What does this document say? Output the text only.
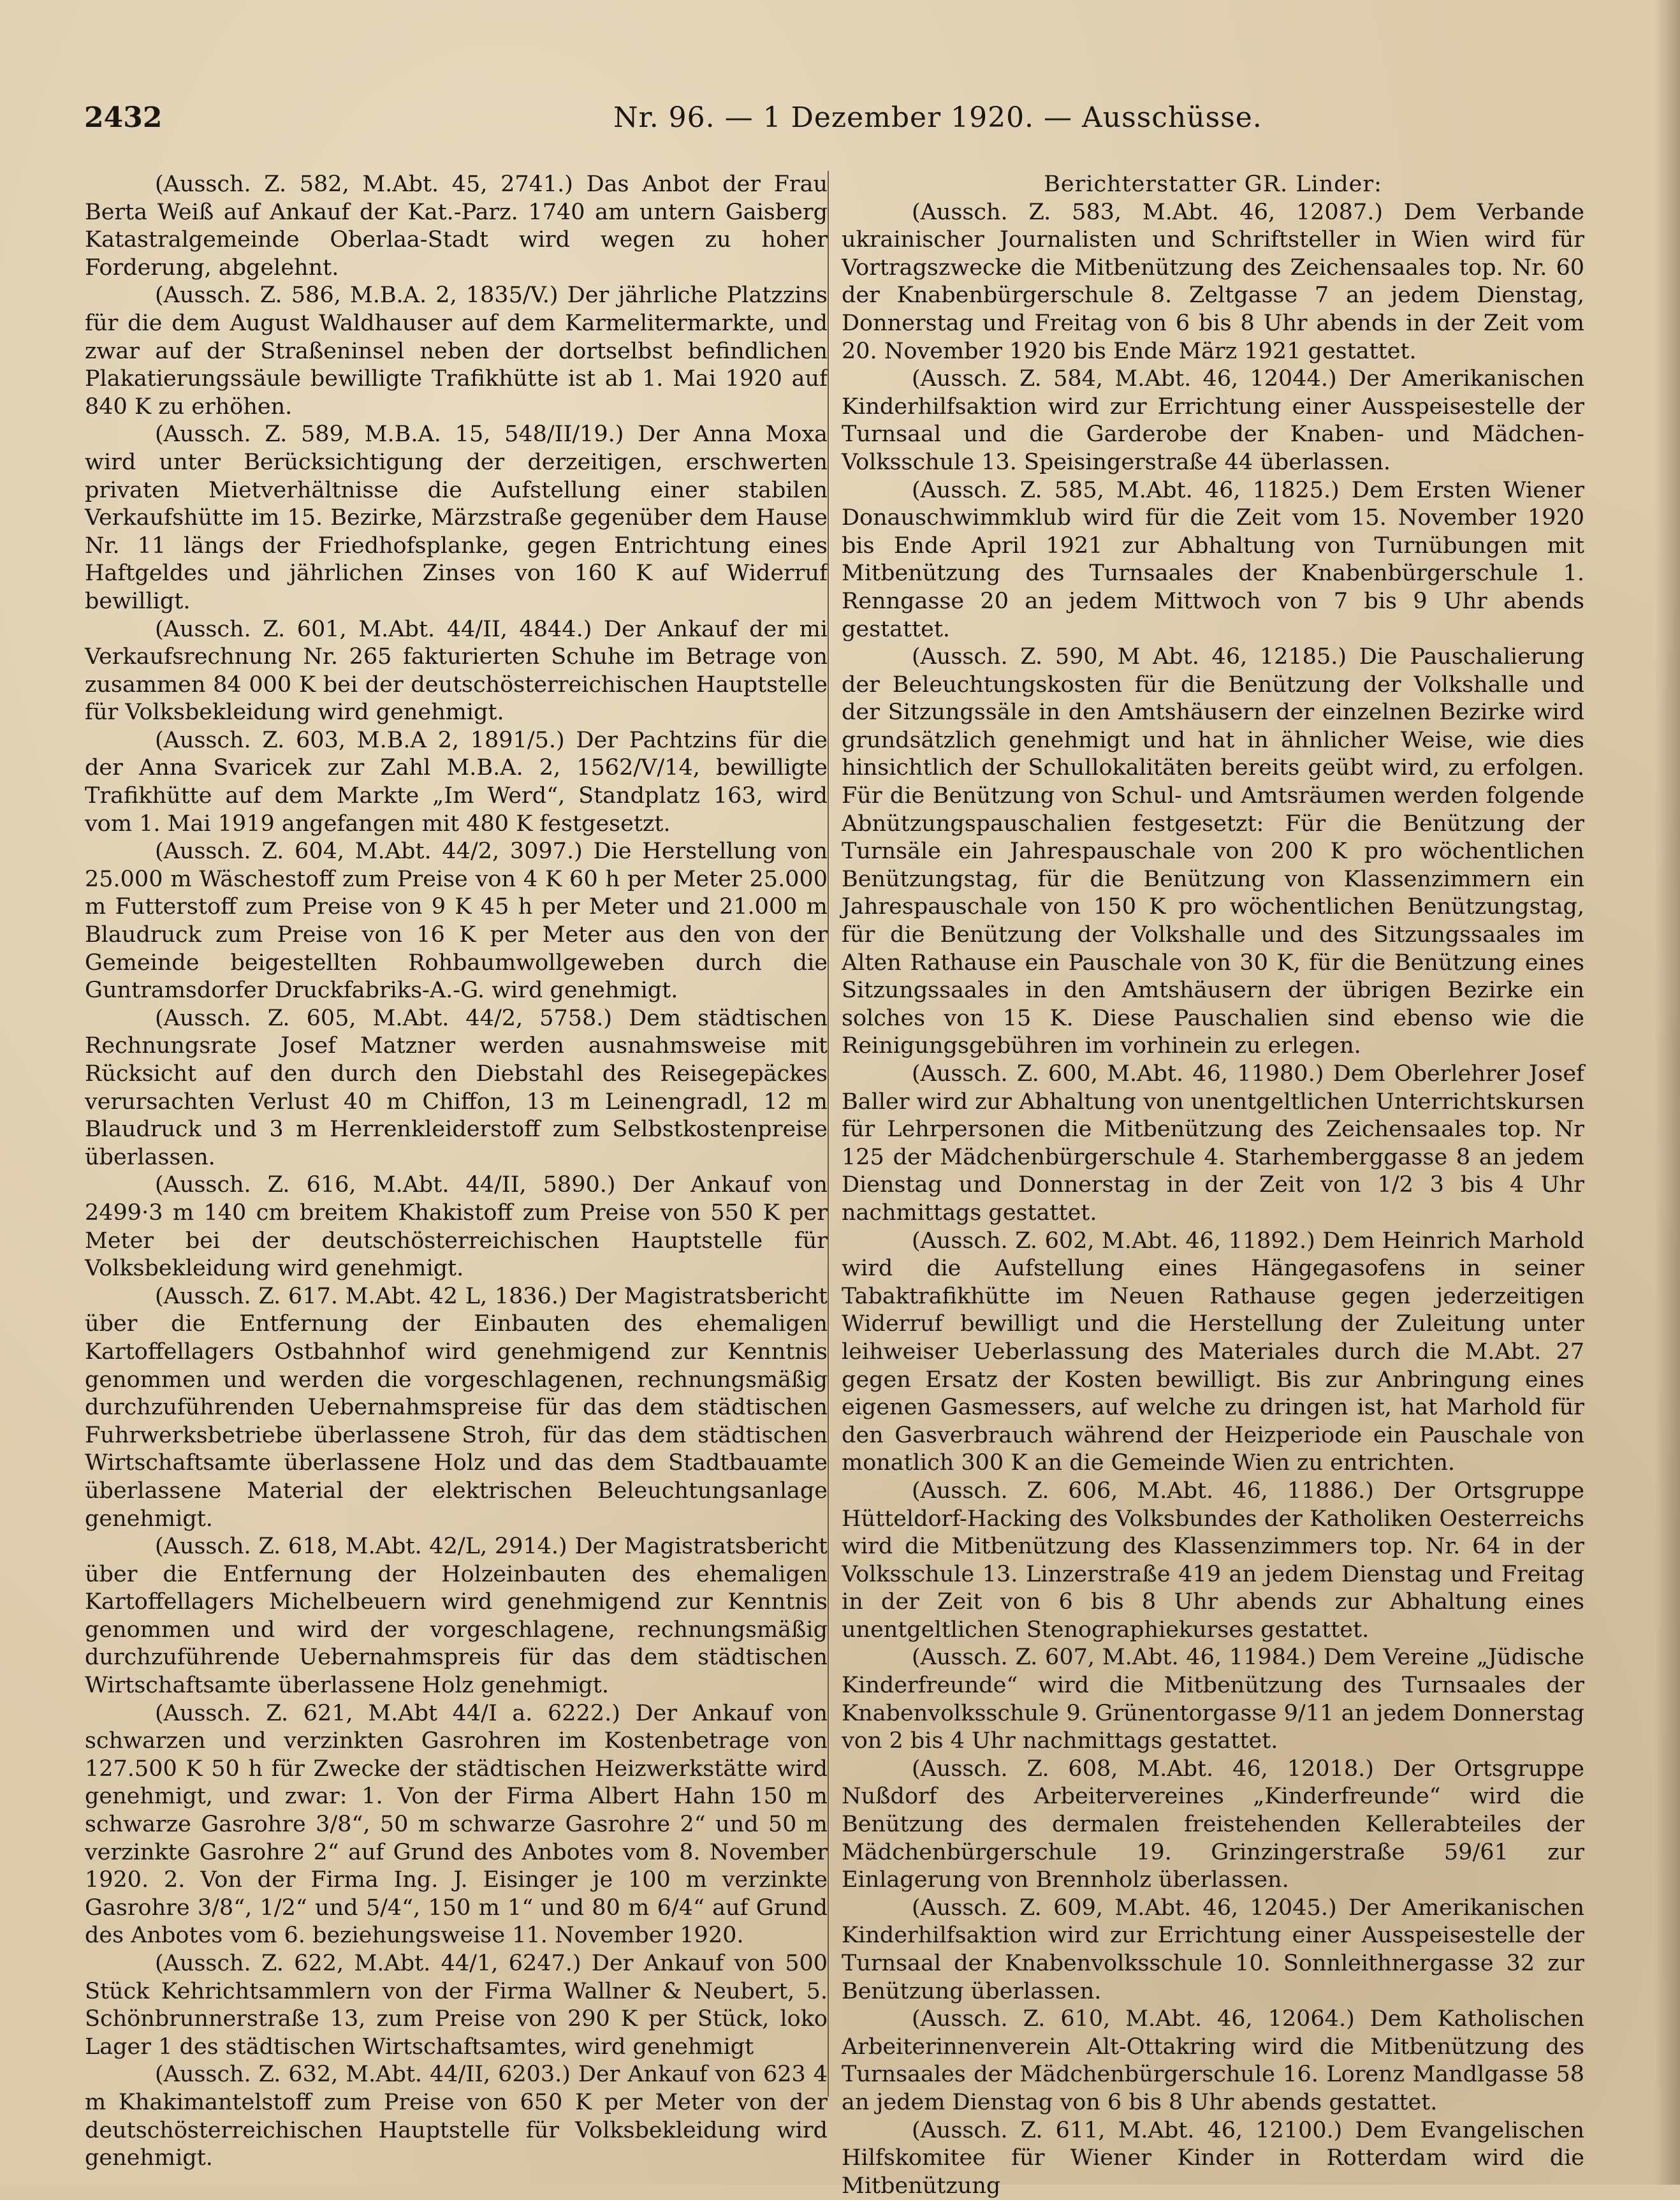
2432	Nr. 96. — 1 Dezember 1920. — Ausschüsse.

(Aussch. Z. 582, M.Abt. 45, 2741.) Das Anbot der Frau Berta Weiß auf Ankauf der Kat.-Parz. 1740 am untern Gaisberg Katastralgemeinde Oberlaa-Stadt wird wegen zu hoher Forderung, abgelehnt.

(Aussch. Z. 586, M.B.A. 2, 1835/V.) Der jährliche Platzzins für die dem August Waldhauser auf dem Karmelitermarkte, und zwar auf der Straßeninsel neben der dortselbst befindlichen Plakatierungssäule bewilligte Trafikhütte ist ab 1. Mai 1920 auf 840 K zu erhöhen.

(Aussch. Z. 589, M.B.A. 15, 548/II/19.) Der Anna Moxa wird unter Berücksichtigung der derzeitigen, erschwerten privaten Mietverhältnisse die Aufstellung einer stabilen Verkaufshütte im 15. Bezirke, Märzstraße gegenüber dem Hause Nr. 11 längs der Friedhofsplanke, gegen Entrichtung eines Haftgeldes und jährlichen Zinses von 160 K auf Widerruf bewilligt.

(Aussch. Z. 601, M.Abt. 44/II, 4844.) Der Ankauf der mi Verkaufsrechnung Nr. 265 fakturierten Schuhe im Betrage von zusammen 84 000 K bei der deutschösterreichischen Hauptstelle für Volksbekleidung wird genehmigt.

(Aussch. Z. 603, M.B.A 2, 1891/5.) Der Pachtzins für die der Anna Svaricek zur Zahl M.B.A. 2, 1562/V/14, bewilligte Trafikhütte auf dem Markte „Im Werd“, Standplatz 163, wird vom 1. Mai 1919 angefangen mit 480 K festgesetzt.

(Aussch. Z. 604, M.Abt. 44/2, 3097.) Die Herstellung von 25.000 m Wäschestoff zum Preise von 4 K 60 h per Meter 25.000 m Futterstoff zum Preise von 9 K 45 h per Meter und 21.000 m Blaudruck zum Preise von 16 K per Meter aus den von der Gemeinde beigestellten Rohbaumwollgeweben durch die Guntramsdorfer Druckfabriks-A.-G. wird genehmigt.

(Aussch. Z. 605, M.Abt. 44/2, 5758.) Dem städtischen Rechnungsrate Josef Matzner werden ausnahmsweise mit Rücksicht auf den durch den Diebstahl des Reisegepäckes verursachten Verlust 40 m Chiffon, 13 m Leinengradl, 12 m Blaudruck und 3 m Herrenkleiderstoff zum Selbstkostenpreise überlassen.

(Aussch. Z. 616, M.Abt. 44/II, 5890.) Der Ankauf von 2499·3 m 140 cm breitem Khakistoff zum Preise von 550 K per Meter bei der deutschösterreichischen Hauptstelle für Volksbekleidung wird genehmigt.

(Aussch. Z. 617. M.Abt. 42 L, 1836.) Der Magistratsbericht über die Entfernung der Einbauten des ehemaligen Kartoffellagers Ostbahnhof wird genehmigend zur Kenntnis genommen und werden die vorgeschlagenen, rechnungsmäßig durchzuführenden Uebernahmspreise für das dem städtischen Fuhrwerksbetriebe überlassene Stroh, für das dem städtischen Wirtschaftsamte überlassene Holz und das dem Stadtbauamte überlassene Material der elektrischen Beleuchtungsanlage genehmigt.

(Aussch. Z. 618, M.Abt. 42/L, 2914.) Der Magistratsbericht über die Entfernung der Holzeinbauten des ehemaligen Kartoffellagers Michelbeuern wird genehmigend zur Kenntnis genommen und wird der vorgeschlagene, rechnungsmäßig durchzuführende Uebernahmspreis für das dem städtischen Wirtschaftsamte überlassene Holz genehmigt.

(Aussch. Z. 621, M.Abt 44/I a. 6222.) Der Ankauf von schwarzen und verzinkten Gasrohren im Kostenbetrage von 127.500 K 50 h für Zwecke der städtischen Heizwerkstätte wird genehmigt, und zwar: 1. Von der Firma Albert Hahn 150 m schwarze Gasrohre 3/8“, 50 m schwarze Gasrohre 2“ und 50 m verzinkte Gasrohre 2“ auf Grund des Anbotes vom 8. November 1920. 2. Von der Firma Ing. J. Eisinger je 100 m verzinkte Gasrohre 3/8“, 1/2“ und 5/4“, 150 m 1“ und 80 m 6/4“ auf Grund des Anbotes vom 6. beziehungsweise 11. November 1920.

(Aussch. Z. 622, M.Abt. 44/1, 6247.) Der Ankauf von 500 Stück Kehrichtsammlern von der Firma Wallner & Neubert, 5. Schönbrunnerstraße 13, zum Preise von 290 K per Stück, loko Lager 1 des städtischen Wirtschaftsamtes, wird genehmigt

(Aussch. Z. 632, M.Abt. 44/II, 6203.) Der Ankauf von 623 4 m Khakimantelstoff zum Preise von 650 K per Meter von der deutschösterreichischen Hauptstelle für Volksbekleidung wird genehmigt.

Berichterstatter GR. Linder:

(Aussch. Z. 583, M.Abt. 46, 12087.) Dem Verbande ukrainischer Journalisten und Schriftsteller in Wien wird für Vortragszwecke die Mitbenützung des Zeichensaales top. Nr. 60 der Knabenbürgerschule 8. Zeltgasse 7 an jedem Dienstag, Donnerstag und Freitag von 6 bis 8 Uhr abends in der Zeit vom 20. November 1920 bis Ende März 1921 gestattet.

(Aussch. Z. 584, M.Abt. 46, 12044.) Der Amerikanischen Kinderhilfsaktion wird zur Errichtung einer Ausspeisestelle der Turnsaal und die Garderobe der Knaben- und Mädchen-Volksschule 13. Speisingerstraße 44 überlassen.

(Aussch. Z. 585, M.Abt. 46, 11825.) Dem Ersten Wiener Donauschwimmklub wird für die Zeit vom 15. November 1920 bis Ende April 1921 zur Abhaltung von Turnübungen mit Mitbenützung des Turnsaales der Knabenbürgerschule 1. Renngasse 20 an jedem Mittwoch von 7 bis 9 Uhr abends gestattet.

(Aussch. Z. 590, M Abt. 46, 12185.) Die Pauschalierung der Beleuchtungskosten für die Benützung der Volkshalle und der Sitzungssäle in den Amtshäusern der einzelnen Bezirke wird grundsätzlich genehmigt und hat in ähnlicher Weise, wie dies hinsichtlich der Schullokalitäten bereits geübt wird, zu erfolgen. Für die Benützung von Schul- und Amtsräumen werden folgende Abnützungspauschalien festgesetzt: Für die Benützung der Turnsäle ein Jahrespauschale von 200 K pro wöchentlichen Benützungstag, für die Benützung von Klassenzimmern ein Jahrespauschale von 150 K pro wöchentlichen Benützungstag, für die Benützung der Volkshalle und des Sitzungssaales im Alten Rathause ein Pauschale von 30 K, für die Benützung eines Sitzungssaales in den Amtshäusern der übrigen Bezirke ein solches von 15 K. Diese Pauschalien sind ebenso wie die Reinigungsgebühren im vorhinein zu erlegen.

(Aussch. Z. 600, M.Abt. 46, 11980.) Dem Oberlehrer Josef Baller wird zur Abhaltung von unentgeltlichen Unterrichtskursen für Lehrpersonen die Mitbenützung des Zeichensaales top. Nr 125 der Mädchenbürgerschule 4. Starhemberggasse 8 an jedem Dienstag und Donnerstag in der Zeit von 1/2 3 bis 4 Uhr nachmittags gestattet.

(Aussch. Z. 602, M.Abt. 46, 11892.) Dem Heinrich Marhold wird die Aufstellung eines Hängegasofens in seiner Tabaktrafikhütte im Neuen Rathause gegen jederzeitigen Widerruf bewilligt und die Herstellung der Zuleitung unter leihweiser Ueberlassung des Materiales durch die M.Abt. 27 gegen Ersatz der Kosten bewilligt. Bis zur Anbringung eines eigenen Gasmessers, auf welche zu dringen ist, hat Marhold für den Gasverbrauch während der Heizperiode ein Pauschale von monatlich 300 K an die Gemeinde Wien zu entrichten.

(Aussch. Z. 606, M.Abt. 46, 11886.) Der Ortsgruppe Hütteldorf-Hacking des Volksbundes der Katholiken Oesterreichs wird die Mitbenützung des Klassenzimmers top. Nr. 64 in der Volksschule 13. Linzerstraße 419 an jedem Dienstag und Freitag in der Zeit von 6 bis 8 Uhr abends zur Abhaltung eines unentgeltlichen Stenographiekurses gestattet.

(Aussch. Z. 607, M.Abt. 46, 11984.) Dem Vereine „Jüdische Kinderfreunde“ wird die Mitbenützung des Turnsaales der Knabenvolksschule 9. Grünentorgasse 9/11 an jedem Donnerstag von 2 bis 4 Uhr nachmittags gestattet.

(Aussch. Z. 608, M.Abt. 46, 12018.) Der Ortsgruppe Nußdorf des Arbeitervereines „Kinderfreunde“ wird die Benützung des dermalen freistehenden Kellerabteiles der Mädchenbürgerschule 19. Grinzingerstraße 59/61 zur Einlagerung von Brennholz überlassen.

(Aussch. Z. 609, M.Abt. 46, 12045.) Der Amerikanischen Kinderhilfsaktion wird zur Errichtung einer Ausspeisestelle der Turnsaal der Knabenvolksschule 10. Sonnleithnergasse 32 zur Benützung überlassen.

(Aussch. Z. 610, M.Abt. 46, 12064.) Dem Katholischen Arbeiterinnenverein Alt-Ottakring wird die Mitbenützung des Turnsaales der Mädchenbürgerschule 16. Lorenz Mandlgasse 58 an jedem Dienstag von 6 bis 8 Uhr abends gestattet.

(Aussch. Z. 611, M.Abt. 46, 12100.) Dem Evangelischen Hilfskomitee für Wiener Kinder in Rotterdam wird die Mitbenützung
